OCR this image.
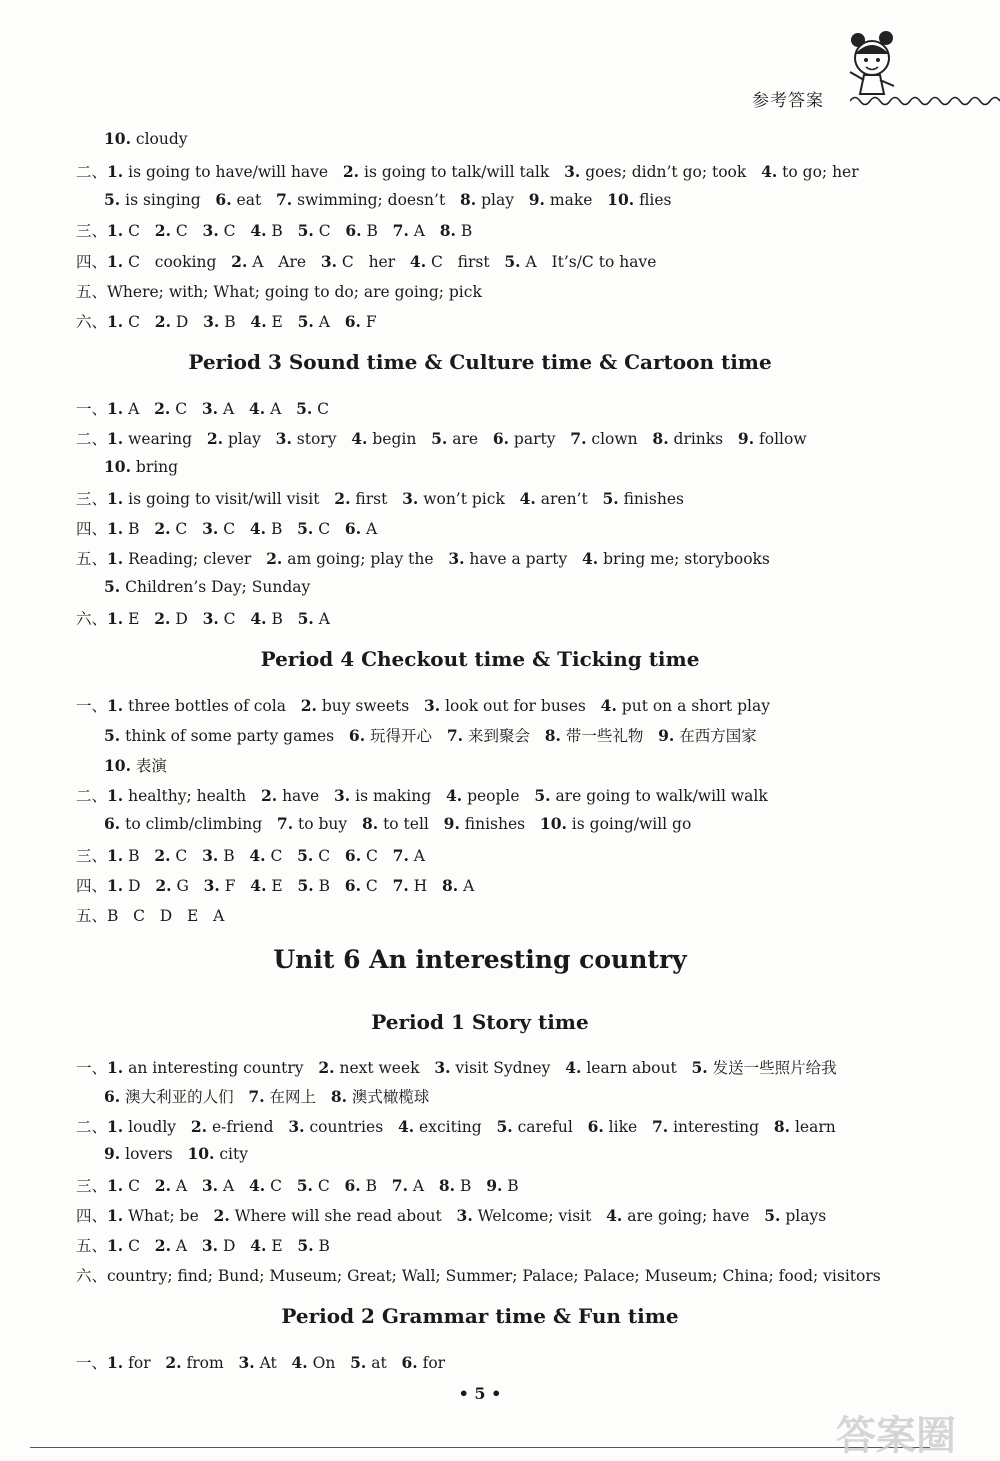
参考答案
Period 3 Sound time & Culture time & Cartoon time
Period 4 Checkout time & Ticking time
Unit 6 An interesting country
Period 1 Story time
Period 2 Grammar time & Fun time
10. cloudy
二、1. is going to have/will have   2. is going to talk/will talk   3. goes; didn’t go; took   4. to go; her
5. is singing   6. eat   7. swimming; doesn’t   8. play   9. make   10. flies
三、1. C   2. C   3. C   4. B   5. C   6. B   7. A   8. B
四、1. C   cooking   2. A   Are   3. C   her   4. C   first   5. A   It’s/C to have
五、Where; with; What; going to do; are going; pick
六、1. C   2. D   3. B   4. E   5. A   6. F
一、1. A   2. C   3. A   4. A   5. C
二、1. wearing   2. play   3. story   4. begin   5. are   6. party   7. clown   8. drinks   9. follow
10. bring
三、1. is going to visit/will visit   2. first   3. won’t pick   4. aren’t   5. finishes
四、1. B   2. C   3. C   4. B   5. C   6. A
五、1. Reading; clever   2. am going; play the   3. have a party   4. bring me; storybooks
5. Children’s Day; Sunday
六、1. E   2. D   3. C   4. B   5. A
一、1. three bottles of cola   2. buy sweets   3. look out for buses   4. put on a short play
5. think of some party games   6. 玩得开心   7. 来到聚会   8. 带一些礼物   9. 在西方国家
10. 表演
二、1. healthy; health   2. have   3. is making   4. people   5. are going to walk/will walk
6. to climb/climbing   7. to buy   8. to tell   9. finishes   10. is going/will go
三、1. B   2. C   3. B   4. C   5. C   6. C   7. A
四、1. D   2. G   3. F   4. E   5. B   6. C   7. H   8. A
五、B   C   D   E   A
一、1. an interesting country   2. next week   3. visit Sydney   4. learn about   5. 发送一些照片给我
6. 澳大利亚的人们   7. 在网上   8. 澳式橄榄球
二、1. loudly   2. e-friend   3. countries   4. exciting   5. careful   6. like   7. interesting   8. learn
9. lovers   10. city
三、1. C   2. A   3. A   4. C   5. C   6. B   7. A   8. B   9. B
四、1. What; be   2. Where will she read about   3. Welcome; visit   4. are going; have   5. plays
五、1. C   2. A   3. D   4. E   5. B
六、country; find; Bund; Museum; Great; Wall; Summer; Palace; Palace; Museum; China; food; visitors
一、1. for   2. from   3. At   4. On   5. at   6. for
• 5 •
答案圈
